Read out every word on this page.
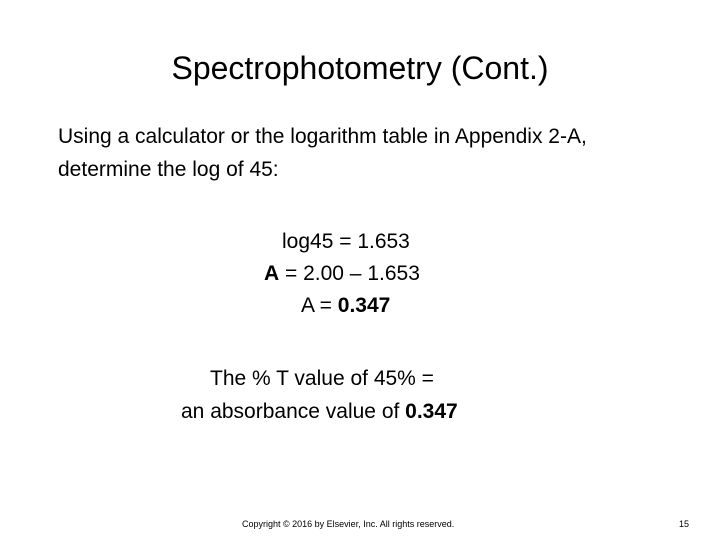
Spectrophotometry (Cont.)

Using a calculator or the logarithm table in Appendix 2-A, determine the log of 45:

log45 = 1.653
A = 2.00 – 1.653
A = 0.347
The % T value of 45% =
an absorbance value of 0.347
Copyright © 2016 by Elsevier, Inc. All rights reserved.	15
